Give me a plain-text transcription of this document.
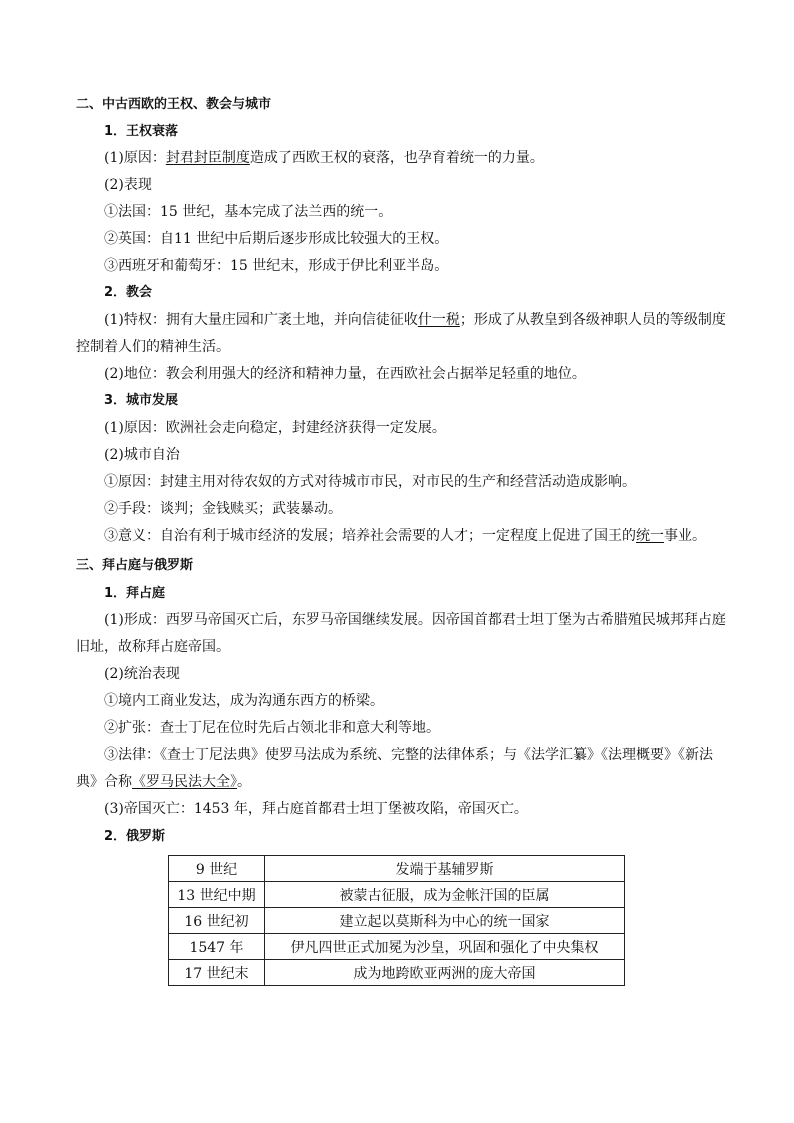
二、中古西欧的王权、教会与城市
1．王权衰落
(1)原因：封君封臣制度造成了西欧王权的衰落，也孕育着统一的力量。
(2)表现
①法国：15 世纪，基本完成了法兰西的统一。
②英国：自11 世纪中后期后逐步形成比较强大的王权。
③西班牙和葡萄牙：15 世纪末，形成于伊比利亚半岛。
2．教会
(1)特权：拥有大量庄园和广袤土地，并向信徒征收什一税；形成了从教皇到各级神职人员的等级制度
控制着人们的精神生活。
(2)地位：教会利用强大的经济和精神力量，在西欧社会占据举足轻重的地位。
3．城市发展
(1)原因：欧洲社会走向稳定，封建经济获得一定发展。
(2)城市自治
①原因：封建主用对待农奴的方式对待城市市民，对市民的生产和经营活动造成影响。
②手段：谈判；金钱赎买；武装暴动。
③意义：自治有利于城市经济的发展；培养社会需要的人才；一定程度上促进了国王的统一事业。
三、拜占庭与俄罗斯
1．拜占庭
(1)形成：西罗马帝国灭亡后，东罗马帝国继续发展。因帝国首都君士坦丁堡为古希腊殖民城邦拜占庭
旧址，故称拜占庭帝国。
(2)统治表现
①境内工商业发达，成为沟通东西方的桥梁。
②扩张：查士丁尼在位时先后占领北非和意大利等地。
③法律：《查士丁尼法典》使罗马法成为系统、完整的法律体系；与《法学汇纂》《法理概要》《新法
典》合称《罗马民法大全》。
(3)帝国灭亡：1453 年，拜占庭首都君士坦丁堡被攻陷，帝国灭亡。
2．俄罗斯
9 世纪	发端于基辅罗斯
13 世纪中期	被蒙古征服，成为金帐汗国的臣属
16 世纪初	建立起以莫斯科为中心的统一国家
1547 年	伊凡四世正式加冕为沙皇，巩固和强化了中央集权
17 世纪末	成为地跨欧亚两洲的庞大帝国
